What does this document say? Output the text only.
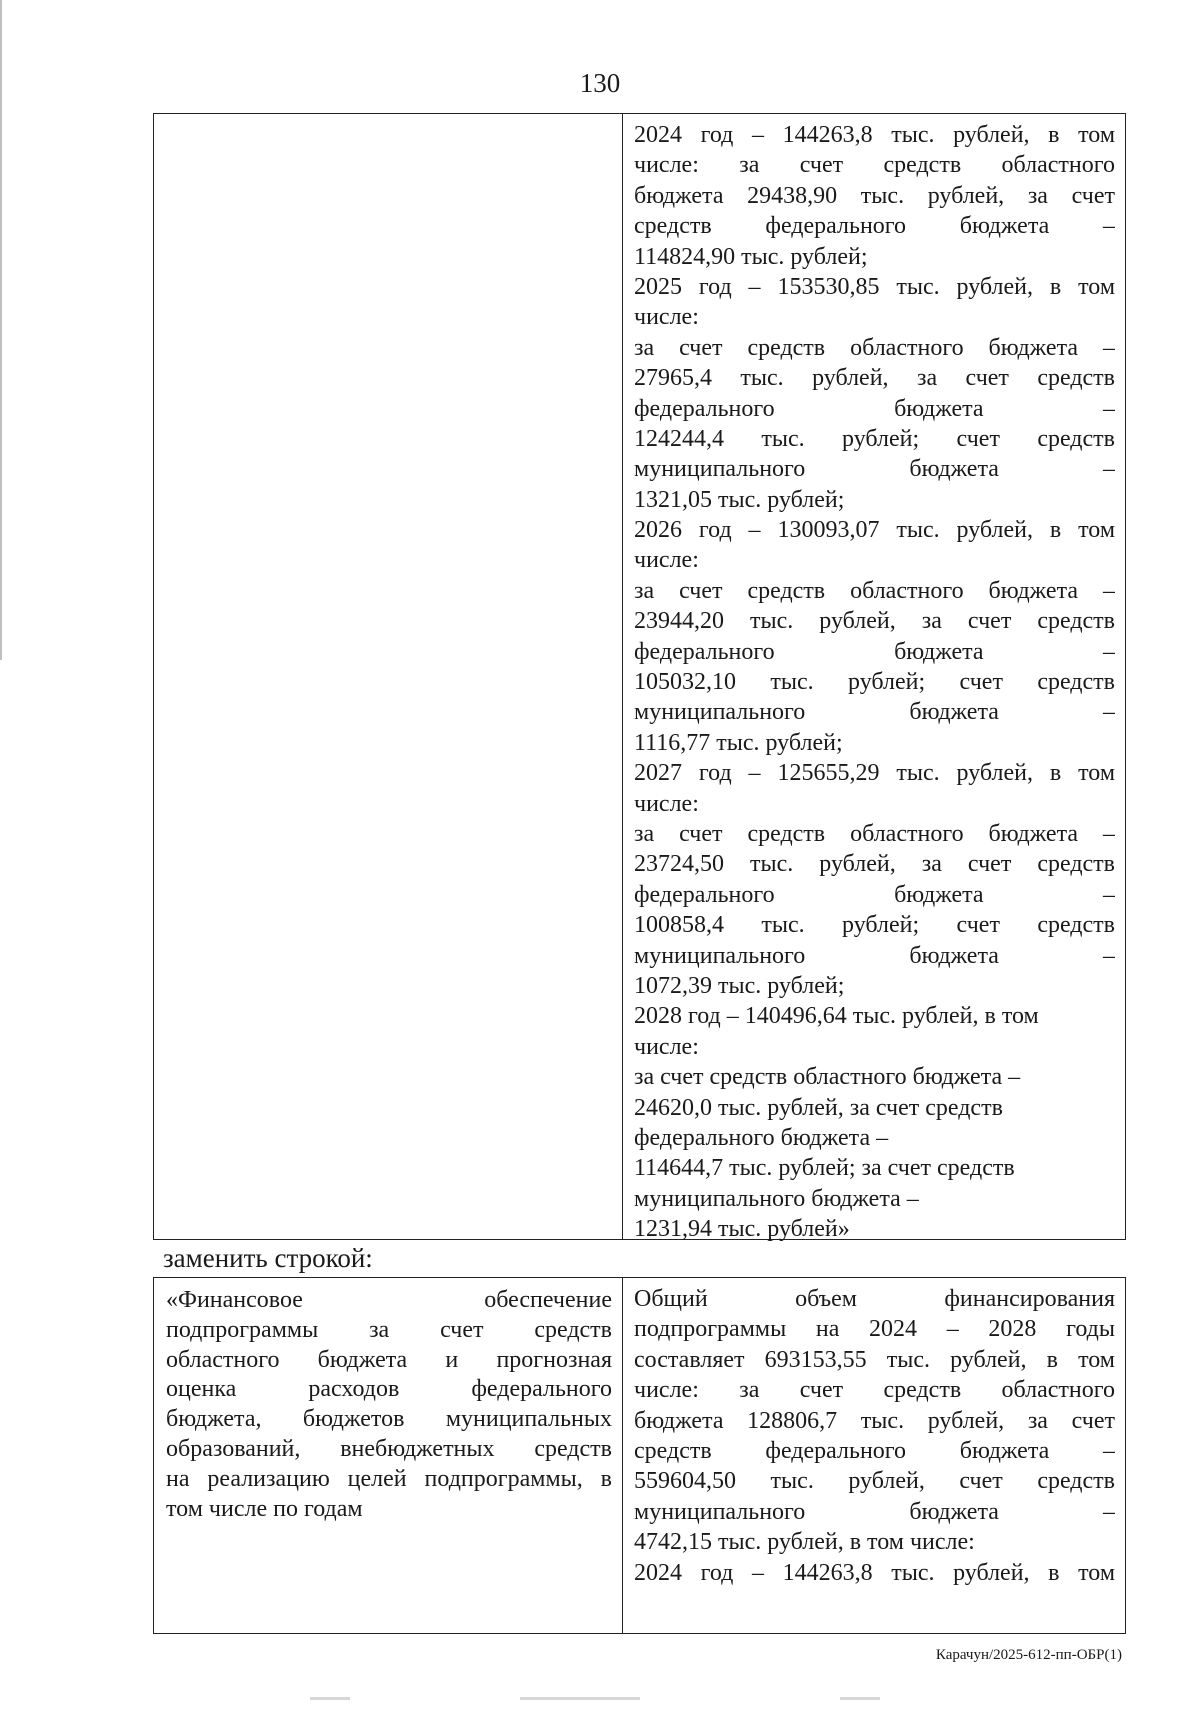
130
2024 год – 144263,8 тыс. рублей, в том
числе: за счет средств областного
бюджета 29438,90 тыс. рублей, за счет
средств федерального бюджета –
114824,90 тыс. рублей;
2025 год – 153530,85 тыс. рублей, в том
числе:
за счет средств областного бюджета –
27965,4 тыс. рублей, за счет средств
федерального бюджета –
124244,4 тыс. рублей; счет средств
муниципального бюджета –
1321,05 тыс. рублей;
2026 год – 130093,07 тыс. рублей, в том
числе:
за счет средств областного бюджета –
23944,20 тыс. рублей, за счет средств
федерального бюджета –
105032,10 тыс. рублей; счет средств
муниципального бюджета –
1116,77 тыс. рублей;
2027 год – 125655,29 тыс. рублей, в том
числе:
за счет средств областного бюджета –
23724,50 тыс. рублей, за счет средств
федерального бюджета –
100858,4 тыс. рублей; счет средств
муниципального бюджета –
1072,39 тыс. рублей;
2028 год – 140496,64 тыс. рублей, в том
числе:
за счет средств областного бюджета –
24620,0 тыс. рублей, за счет средств
федерального бюджета –
114644,7 тыс. рублей; за счет средств
муниципального бюджета –
1231,94 тыс. рублей»
заменить строкой:
«Финансовое обеспечение
подпрограммы за счет средств
областного бюджета и прогнозная
оценка расходов федерального
бюджета, бюджетов муниципальных
образований, внебюджетных средств
на реализацию целей подпрограммы, в
том числе по годам
Общий объем финансирования
подпрограммы на 2024 – 2028 годы
составляет 693153,55 тыс. рублей, в том
числе: за счет средств областного
бюджета 128806,7 тыс. рублей, за счет
средств федерального бюджета –
559604,50 тыс. рублей, счет средств
муниципального бюджета –
4742,15 тыс. рублей, в том числе:
2024 год – 144263,8 тыс. рублей, в том
Карачун/2025-612-пп-ОБР(1)
